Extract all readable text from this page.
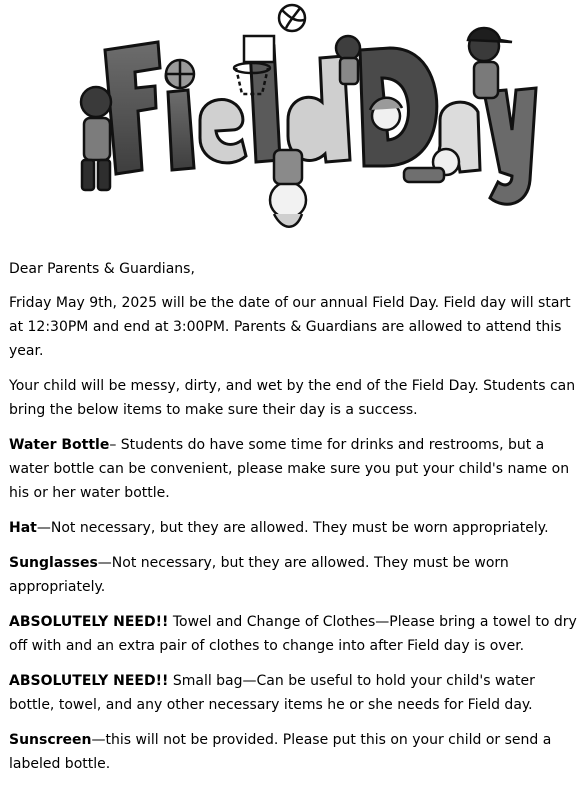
Dear Parents & Guardians,

Friday May 9th, 2025 will be the date of our annual Field Day. Field day will start at 12:30PM and end at 3:00PM. Parents & Guardians are allowed to attend this year.

Your child will be messy, dirty, and wet by the end of the Field Day. Students can bring the below items to make sure their day is a success.

Water Bottle– Students do have some time for drinks and restrooms, but a water bottle can be convenient, please make sure you put your child's name on his or her water bottle.

Hat—Not necessary, but they are allowed. They must be worn appropriately.

Sunglasses—Not necessary, but they are allowed. They must be worn appropriately.

ABSOLUTELY NEED!! Towel and Change of Clothes—Please bring a towel to dry off with and an extra pair of clothes to change into after Field day is over.

ABSOLUTELY NEED!! Small bag—Can be useful to hold your child's water bottle, towel, and any other necessary items he or she needs for Field day.

Sunscreen—this will not be provided. Please put this on your child or send a labeled bottle.
